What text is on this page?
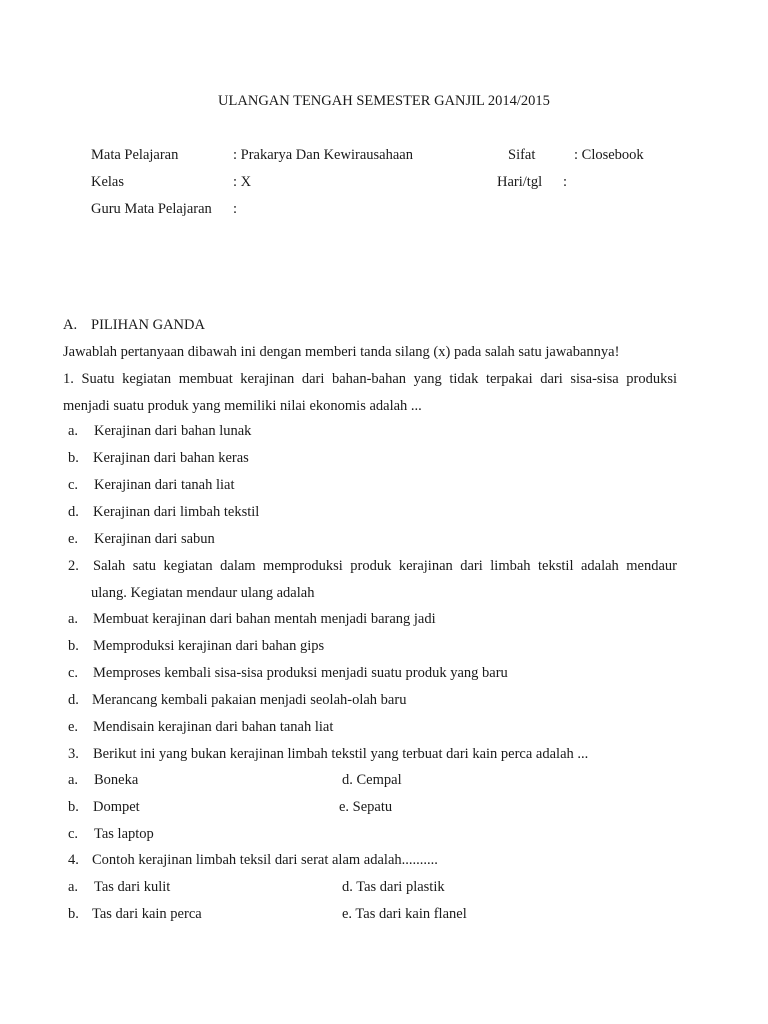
ULANGAN TENGAH SEMESTER GANJIL 2014/2015
Mata Pelajaran	: Prakarya Dan Kewirausahaan	Sifat	: Closebook
Kelas	: X	Hari/tgl :
Guru Mata Pelajaran :
A. PILIHAN GANDA
Jawablah pertanyaan dibawah ini dengan memberi tanda silang (x) pada salah satu jawabannya!
1. Suatu kegiatan membuat kerajinan dari bahan-bahan yang tidak terpakai dari sisa-sisa produksi
menjadi suatu produk yang memiliki nilai ekonomis adalah ...
a. Kerajinan dari bahan lunak
b. Kerajinan dari bahan keras
c. Kerajinan dari tanah liat
d. Kerajinan dari limbah tekstil
e. Kerajinan dari sabun
2. Salah satu kegiatan dalam memproduksi produk kerajinan dari limbah tekstil adalah mendaur
ulang. Kegiatan mendaur ulang adalah
a. Membuat kerajinan dari bahan mentah menjadi barang jadi
b. Memproduksi kerajinan dari bahan gips
c. Memproses kembali sisa-sisa produksi menjadi suatu produk yang baru
d. Merancang kembali pakaian menjadi seolah-olah baru
e. Mendisain kerajinan dari bahan tanah liat
3. Berikut ini yang bukan kerajinan limbah tekstil yang terbuat dari kain perca adalah ...
a. Boneka	d. Cempal
b. Dompet	e. Sepatu
c. Tas laptop
4. Contoh kerajinan limbah teksil dari serat alam adalah..........
a. Tas dari kulit	d. Tas dari plastik
b. Tas dari kain perca	e. Tas dari kain flanel
